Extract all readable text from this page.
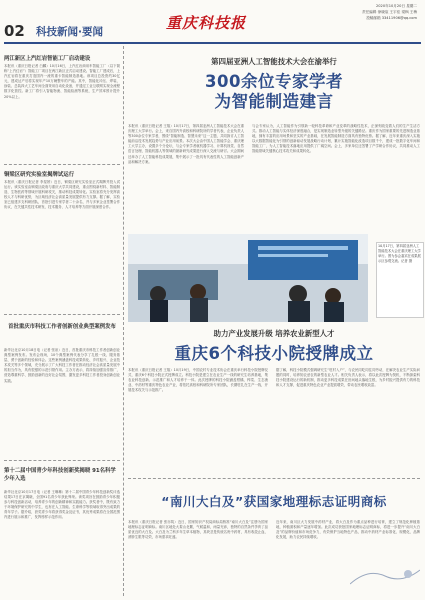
02 科技新闻·要闻	重庆科技报
2020年10月20日 星期二
责任编辑 徐晓宸 王宇佳 梁枫 王梅
投稿邮箱 33411906@qq.com
两江新区上汽红岩智能工厂启动建设
本报讯（重庆日报记者 白麟）10月16日，上汽红岩商用车智能工厂（以下简称“上汽红岩”）智能工厂项目在两江新区正式启动建设。智能工厂建成后，上汽红岩将在重庆打造国内一流的重卡智能制造基地。该项目总投资约30亿元，建成达产后将实现年产10万辆整车的产能。其中，智能化冲压、焊装、涂装、总装四大工艺车间全面采用自动化设备，并通过工业互联网实现全流程数字化管控。新工厂将引入智能物流、智能检测等系统，生产效率预计提升20%以上。
铜梁区研究实验室揭牌试运行
本报讯（重庆日报记者 李星婷）近日，铜梁区研究实验室正式揭牌并投入试运行。该实验室由铜梁区政府与重庆大学共同建设，重点围绕新材料、智能制造、生物医药等领域开展科研攻关，推动科技成果转化。实验室将充分发挥高校人才与科研优势，为区域经济社会高质量发展提供有力支撑。据了解，实验室已组建多支科研团队，首批引进专家学者二十余名，并与多家企业签署合作协议，在关键共性技术研发、技术服务、人才培养等方面开展深度合作。
首批重庆市科技工作者创新创业典型案例发布
新华社北京10月18日电（记者 张泉）近日，首批重庆市科技工作者创新创业典型案例发布。发布会现场，10个典型案例代表分享了扎根一线、服务基层、勇于创新的经验和体会。这些案例涵盖科技成果转化、乡村振兴、企业技术攻关等多个领域，充分展示了广大科技工作者在推动经济社会高质量发展中的担当作为，具有很强的示范引领作用。主办方表示，将持续加强宣传推广，营造尊重科学、鼓励创新的良好社会氛围，激发更多科技工作者投身创新创业实践。
第十二届中国青少年科技创新奖揭晓 91名科学少年入选
新华社北京10月17日电（记者 王琳琳）第十二届中国青少年科技创新奖评选结果17日在京揭晓，全国91名青少年获此殊荣。该奖项旨在鼓励青少年积极参与科技创新活动，培养青少年的创新精神和实践能力。获奖者中，既有致力于环境保护研究的中学生，也有在人工智能、生命科学等领域取得突出成果的青年学子。据介绍，获奖青少年将获得奖金及证书，其优秀成果将在全国范围内进行展示和推广，发挥榜样示范作用。
第四届亚洲人工智能技术大会在渝举行
300余位专家学者
为智能制造建言
本报讯（重庆日报记者 王翔）10月17日，第四届亚洲人工智能技术大会在重庆理工大学举行。会上，来自国内外高校和科研院所的学者代表、企业负责人等300余位专家学者，围绕“智能制造、智慧未来”这一主题，共同探讨人工智能前沿技术发展趋势与产业应用前景。本次大会由中国人工智能学会、重庆理工大学主办，设置多个分论坛，与会专家学者就机器学习、计算机视觉、自然语言处理、智能机器人等领域的最新研究成果进行深入交流与研讨。大会期间还举办了人工智能科技成果展，集中展示了一批具有代表性的人工智能创新产品和解决方案。
与会专家认为，人工智能作为引领新一轮科技革命和产业变革的战略性技术，正深刻改变着人们的生产生活方式。推动人工智能与实体经济深度融合，是实现制造业转型升级的关键路径。重庆作为国家重要的先进制造业基地，拥有丰富的应用场景和坚实的产业基础，在发展智能制造方面具有独特优势。据了解，近年来重庆深入实施以大数据智能化为引领的创新驱动发展战略行动计划，累计实施智能化改造项目数千个，建成一批数字化车间和智能工厂，为人工智能技术落地应用提供了广阔空间。会上，多家单位还签署了产学研合作协议，共同推动人工智能领域关键核心技术攻关和成果转化。
10月17日，第四届亚洲人工智能技术大会在重庆理工大学举行。图为参会嘉宾在成果展示区参观交流。记者 摄
助力产业发展升级 培养农业新型人才
重庆6个科技小院授牌成立
本报讯（重庆日报记者 王翔）10月19日，中国农村专业技术协会在重庆举行科技小院授牌仪式，重庆6个科技小院正式授牌成立。科技小院是建立在农业生产一线的研究生培养基地，集农业科技创新、示范推广和人才培养于一体。此次授牌的科技小院涵盖柑橘、榨菜、生态渔业、中药材等重庆特色农业产业，将依托高校和科研院所专家团队，长期驻扎在生产一线，开展技术攻关与示范推广。
据了解，科技小院模式强调研究生“驻村入户”，与农民同吃同住同劳动，在解决农业生产实际问题的同时，培养知农爱农的新型农业人才。相关负责人表示，将以此次授牌为契机，不断探索科技小院建设运行的新机制，推动更多科技成果在田间地头落地生根，为乡村振兴提供有力的科技和人才支撑，促进重庆特色农业产业提质增效，带动农民增收致富。
“南川大白及”获国家地理标志证明商标
本报讯（重庆日报记者 张亦筑）近日，国家知识产权局商标局核准“南川大白及”注册为国家地理标志证明商标。南川区地处大娄山北麓，气候温和，雨量充沛，独特的自然条件孕育了品质优良的大白及。大白及为兰科多年生草本植物，其块茎是传统名贵中药材，具有收敛止血、消肿生肌等功效，市场需求旺盛。
近年来，南川区大力发展中药材产业，将大白及作为重点品种进行培育，建立了规范化种植基地，种植面积和产量逐年增加。此次成功获批国家地理标志证明商标，将进一步提升“南川大白及”的品牌价值和市场竞争力，有效保护当地特色产品，推动中药材产业标准化、规模化、品牌化发展，助力农民持续增收。
